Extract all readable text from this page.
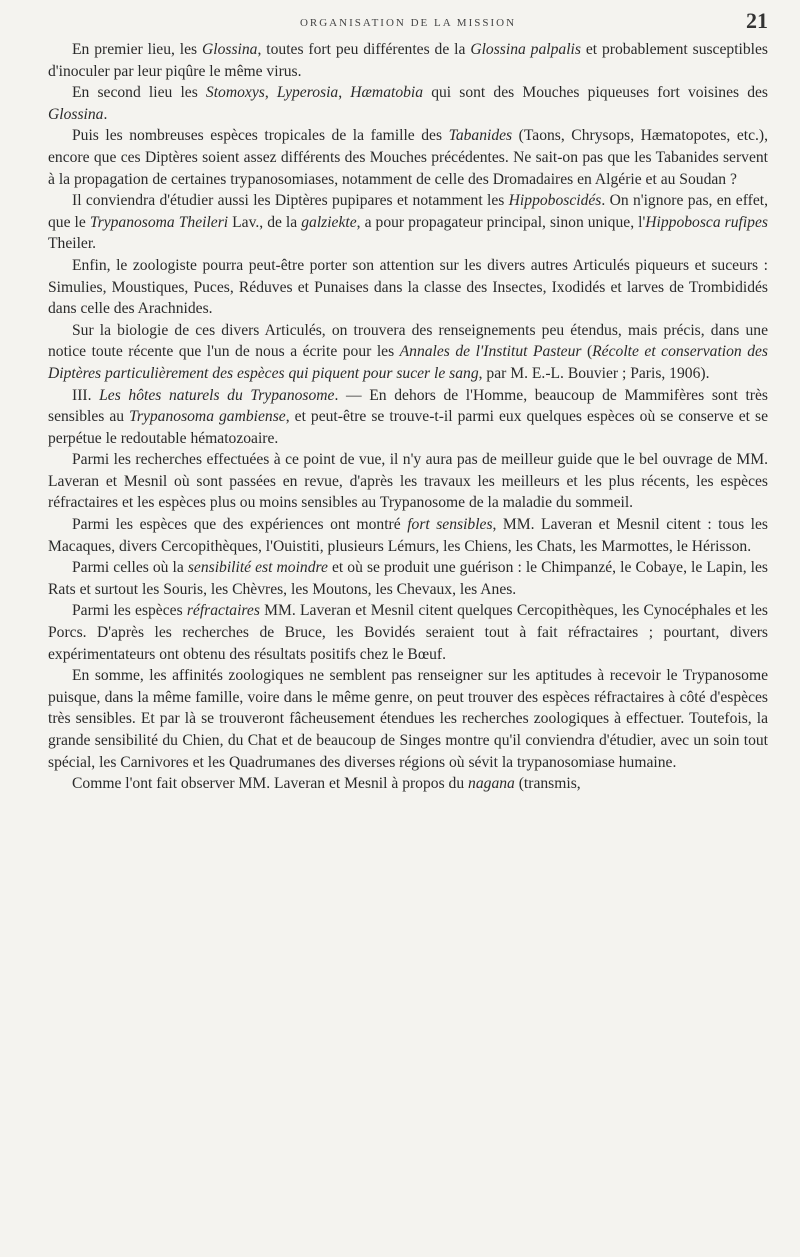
ORGANISATION DE LA MISSION	21

En premier lieu, les Glossina, toutes fort peu différentes de la Glossina palpalis et probablement susceptibles d'inoculer par leur piqûre le même virus.

En second lieu les Stomoxys, Lyperosia, Hæmatobia qui sont des Mouches piqueuses fort voisines des Glossina.

Puis les nombreuses espèces tropicales de la famille des Tabanides (Taons, Chrysops, Hæmatopotes, etc.), encore que ces Diptères soient assez différents des Mouches précédentes. Ne sait-on pas que les Tabanides servent à la propagation de certaines trypanosomiases, notamment de celle des Dromadaires en Algérie et au Soudan ?

Il conviendra d'étudier aussi les Diptères pupipares et notamment les Hippoboscidés. On n'ignore pas, en effet, que le Trypanosoma Theileri Lav., de la galziekte, a pour propagateur principal, sinon unique, l'Hippobosca rufipes Theiler.

Enfin, le zoologiste pourra peut-être porter son attention sur les divers autres Articulés piqueurs et suceurs : Simulies, Moustiques, Puces, Réduves et Punaises dans la classe des Insectes, Ixodidés et larves de Trombididés dans celle des Arachnides.

Sur la biologie de ces divers Articulés, on trouvera des renseignements peu étendus, mais précis, dans une notice toute récente que l'un de nous a écrite pour les Annales de l'Institut Pasteur (Récolte et conservation des Diptères particulièrement des espèces qui piquent pour sucer le sang, par M. E.-L. Bouvier ; Paris, 1906).

III. Les hôtes naturels du Trypanosome. — En dehors de l'Homme, beaucoup de Mammifères sont très sensibles au Trypanosoma gambiense, et peut-être se trouve-t-il parmi eux quelques espèces où se conserve et se perpétue le redoutable hématozoaire.

Parmi les recherches effectuées à ce point de vue, il n'y aura pas de meilleur guide que le bel ouvrage de MM. Laveran et Mesnil où sont passées en revue, d'après les travaux les meilleurs et les plus récents, les espèces réfractaires et les espèces plus ou moins sensibles au Trypanosome de la maladie du sommeil.

Parmi les espèces que des expériences ont montré fort sensibles, MM. Laveran et Mesnil citent : tous les Macaques, divers Cercopithèques, l'Ouistiti, plusieurs Lémurs, les Chiens, les Chats, les Marmottes, le Hérisson.

Parmi celles où la sensibilité est moindre et où se produit une guérison : le Chimpanzé, le Cobaye, le Lapin, les Rats et surtout les Souris, les Chèvres, les Moutons, les Chevaux, les Anes.

Parmi les espèces réfractaires MM. Laveran et Mesnil citent quelques Cercopithèques, les Cynocéphales et les Porcs. D'après les recherches de Bruce, les Bovidés seraient tout à fait réfractaires ; pourtant, divers expérimentateurs ont obtenu des résultats positifs chez le Bœuf.

En somme, les affinités zoologiques ne semblent pas renseigner sur les aptitudes à recevoir le Trypanosome puisque, dans la même famille, voire dans le même genre, on peut trouver des espèces réfractaires à côté d'espèces très sensibles. Et par là se trouveront fâcheusement étendues les recherches zoologiques à effectuer. Toutefois, la grande sensibilité du Chien, du Chat et de beaucoup de Singes montre qu'il conviendra d'étudier, avec un soin tout spécial, les Carnivores et les Quadrumanes des diverses régions où sévit la trypanosomiase humaine.

Comme l'ont fait observer MM. Laveran et Mesnil à propos du nagana (transmis,
